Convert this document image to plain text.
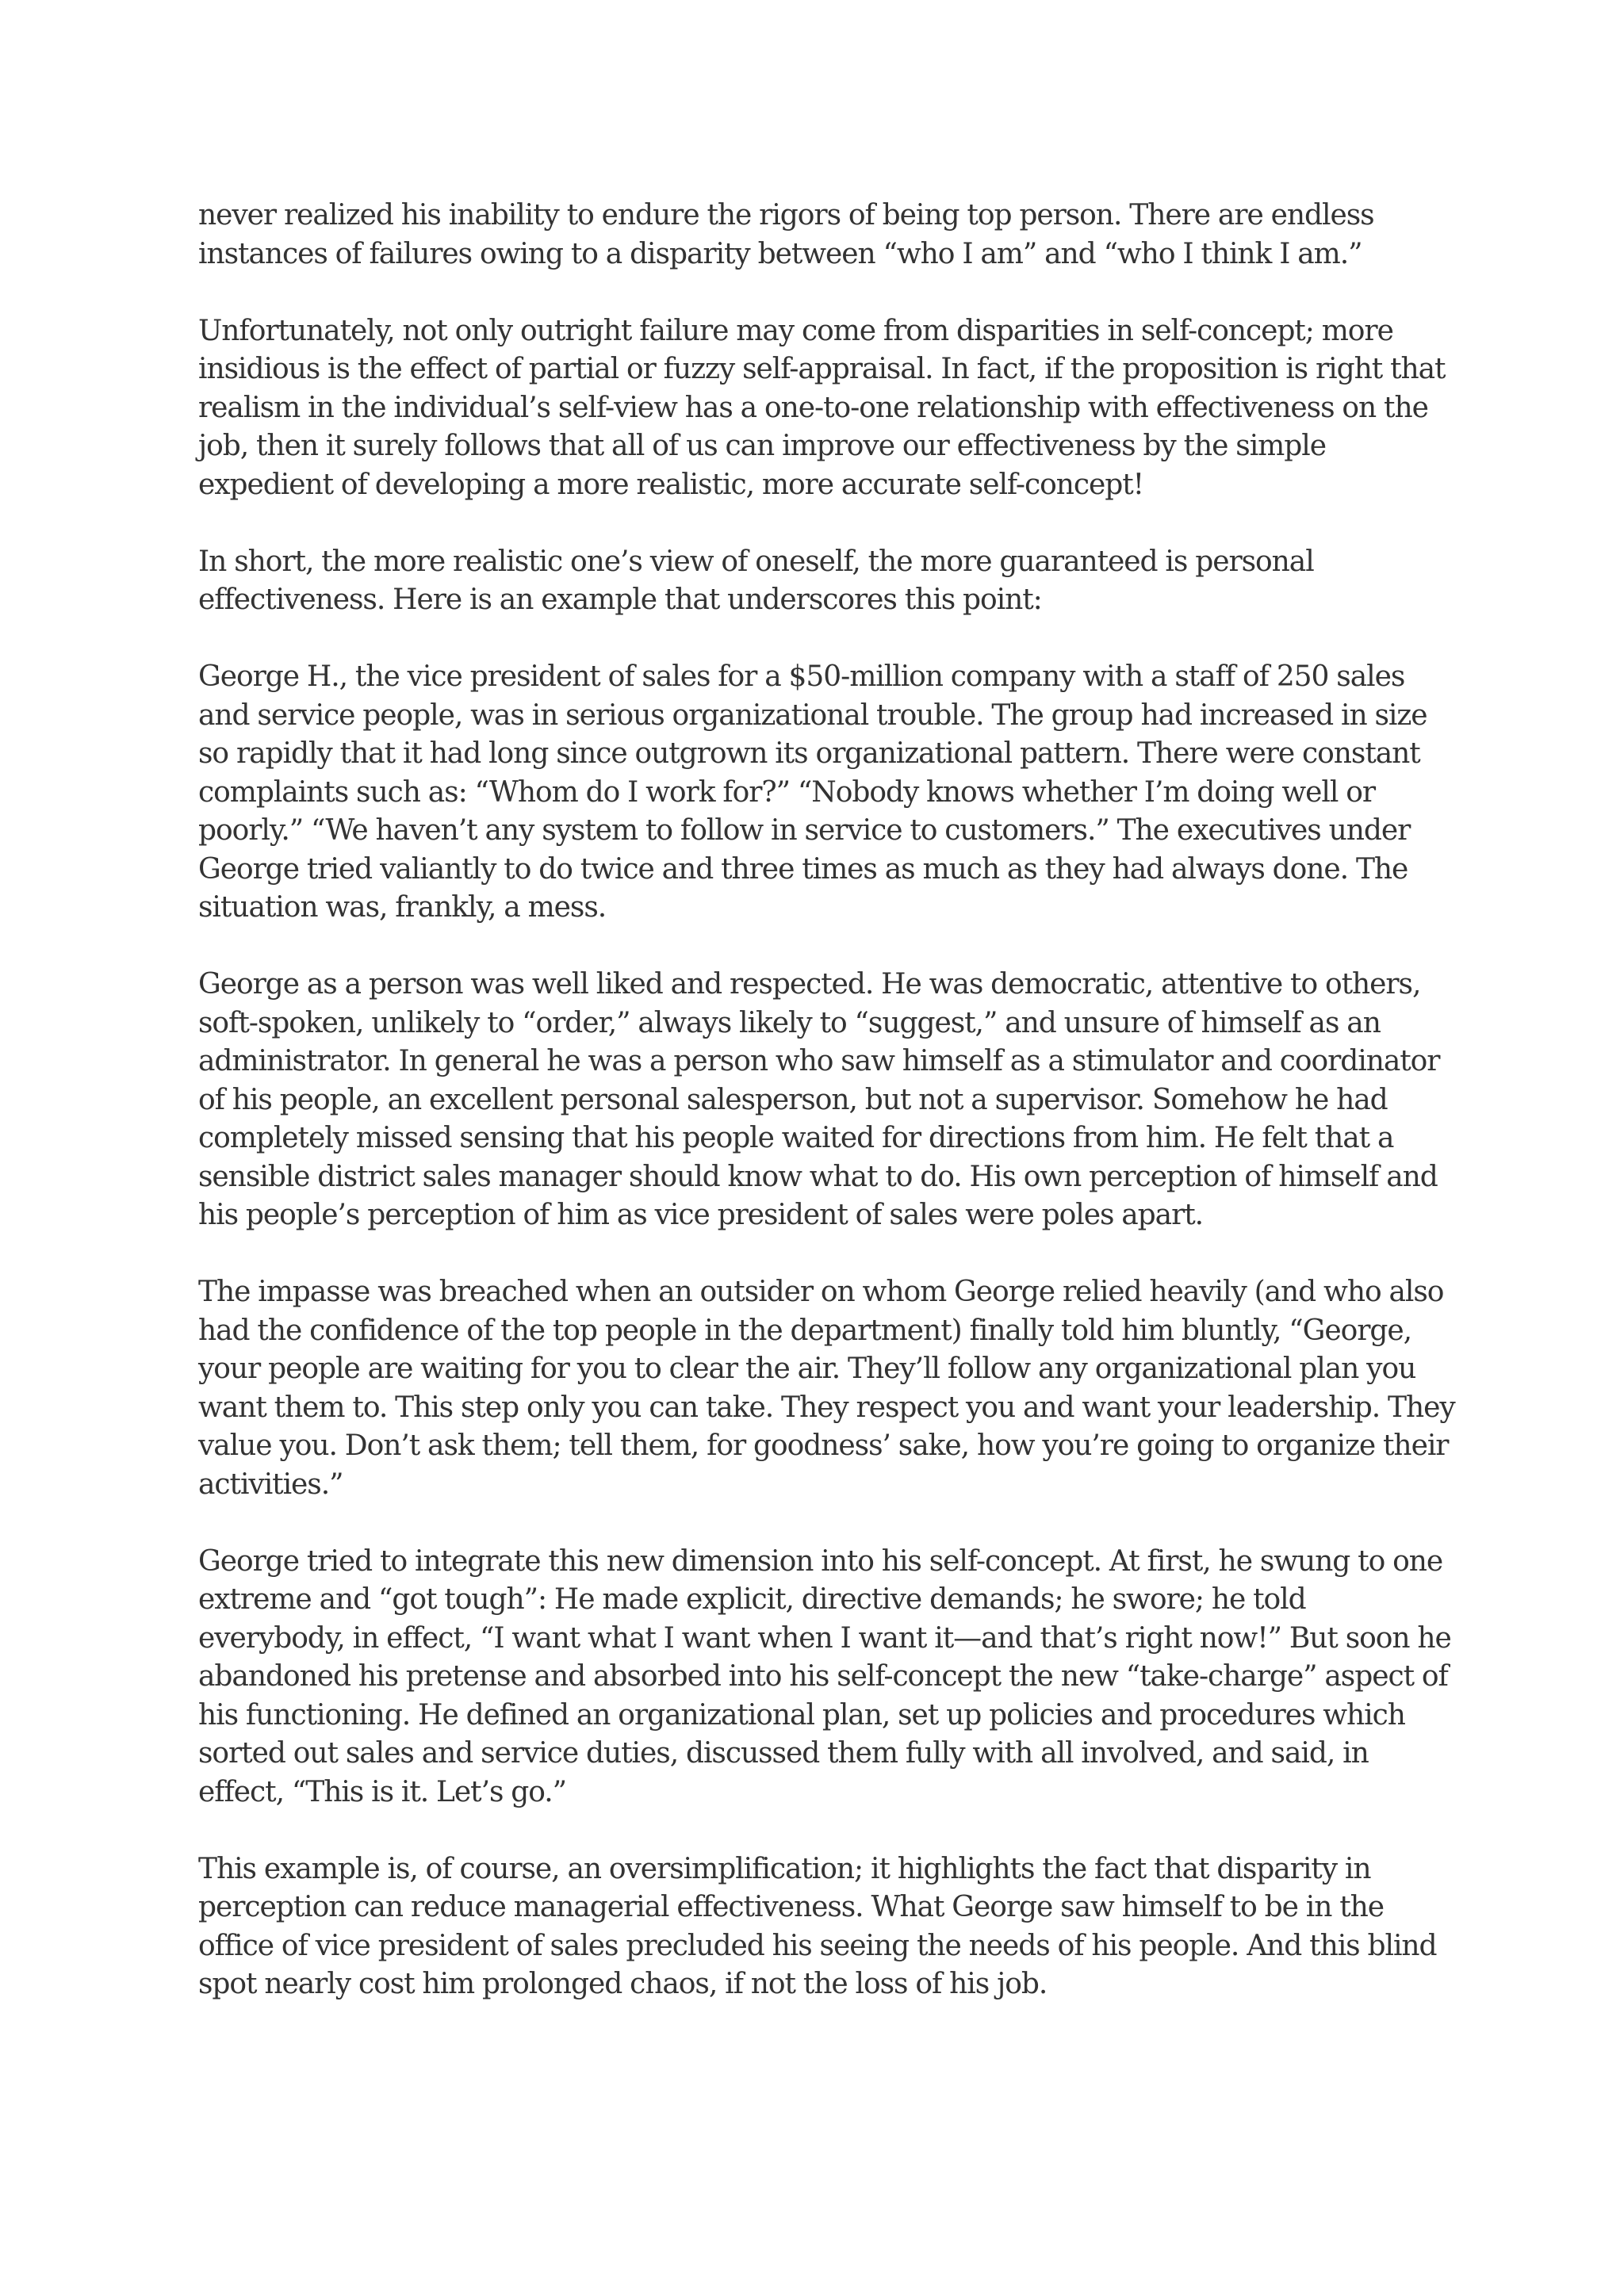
never realized his inability to endure the rigors of being top person. There are endless instances of failures owing to a disparity between “who I am” and “who I think I am.”

Unfortunately, not only outright failure may come from disparities in self-concept; more insidious is the effect of partial or fuzzy self-appraisal. In fact, if the proposition is right that realism in the individual’s self-view has a one-to-one relationship with effectiveness on the job, then it surely follows that all of us can improve our effectiveness by the simple expedient of developing a more realistic, more accurate self-concept!

In short, the more realistic one’s view of oneself, the more guaranteed is personal effectiveness. Here is an example that underscores this point:

George H., the vice president of sales for a $50-million company with a staff of 250 sales and service people, was in serious organizational trouble. The group had increased in size so rapidly that it had long since outgrown its organizational pattern. There were constant complaints such as: “Whom do I work for?” “Nobody knows whether I’m doing well or poorly.” “We haven’t any system to follow in service to customers.” The executives under George tried valiantly to do twice and three times as much as they had always done. The situation was, frankly, a mess.

George as a person was well liked and respected. He was democratic, attentive to others, soft-spoken, unlikely to “order,” always likely to “suggest,” and unsure of himself as an administrator. In general he was a person who saw himself as a stimulator and coordinator of his people, an excellent personal salesperson, but not a supervisor. Somehow he had completely missed sensing that his people waited for directions from him. He felt that a sensible district sales manager should know what to do. His own perception of himself and his people’s perception of him as vice president of sales were poles apart.

The impasse was breached when an outsider on whom George relied heavily (and who also had the confidence of the top people in the department) finally told him bluntly, “George, your people are waiting for you to clear the air. They’ll follow any organizational plan you want them to. This step only you can take. They respect you and want your leadership. They value you. Don’t ask them; tell them, for goodness’ sake, how you’re going to organize their activities.”

George tried to integrate this new dimension into his self-concept. At first, he swung to one extreme and “got tough”: He made explicit, directive demands; he swore; he told everybody, in effect, “I want what I want when I want it—and that’s right now!” But soon he abandoned his pretense and absorbed into his self-concept the new “take-charge” aspect of his functioning. He defined an organizational plan, set up policies and procedures which sorted out sales and service duties, discussed them fully with all involved, and said, in effect, “This is it. Let’s go.”

This example is, of course, an oversimplification; it highlights the fact that disparity in perception can reduce managerial effectiveness. What George saw himself to be in the office of vice president of sales precluded his seeing the needs of his people. And this blind spot nearly cost him prolonged chaos, if not the loss of his job.
